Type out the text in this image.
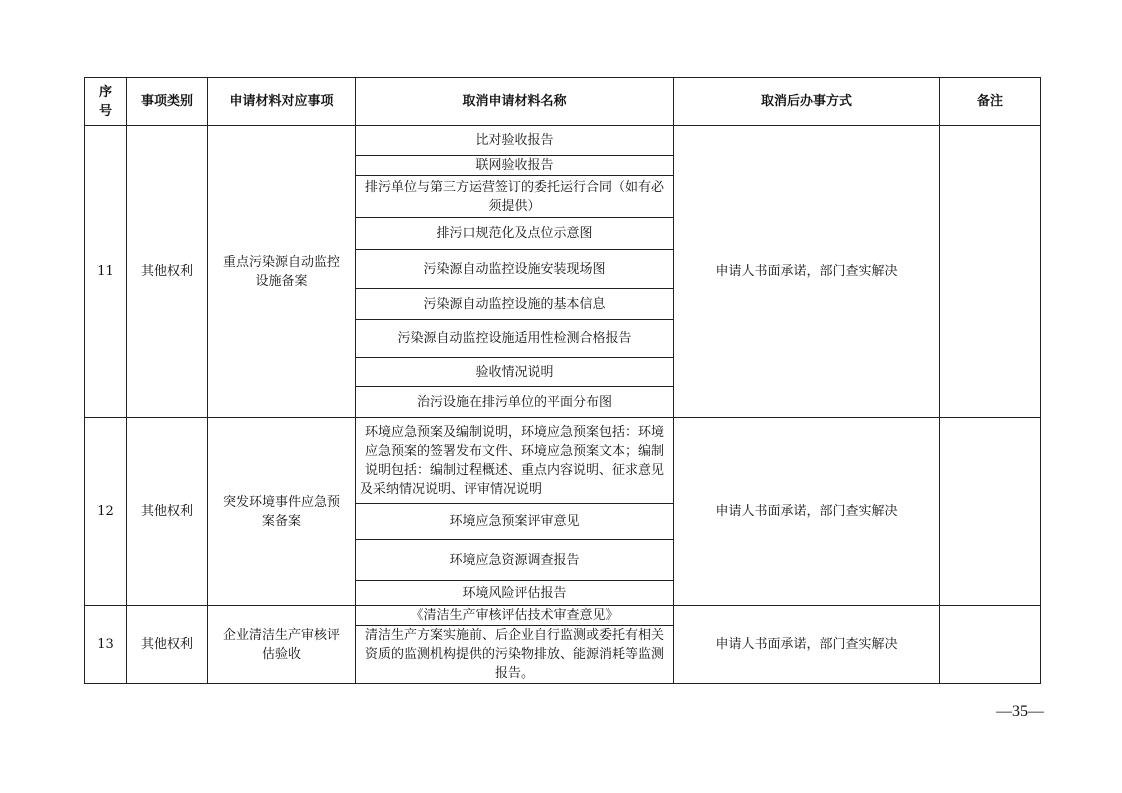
序号	事项类别	申请材料对应事项	取消申请材料名称	取消后办事方式	备注
11	其他权利	重点污染源自动监控设施备案	比对验收报告	申请人书面承诺，部门查实解决	
			联网验收报告		
			排污单位与第三方运营签订的委托运行合同（如有必须提供）		
			排污口规范化及点位示意图		
			污染源自动监控设施安装现场图		
			污染源自动监控设施的基本信息		
			污染源自动监控设施适用性检测合格报告		
			验收情况说明		
			治污设施在排污单位的平面分布图		
12	其他权利	突发环境事件应急预案备案	环境应急预案及编制说明，环境应急预案包括：环境应急预案的签署发布文件、环境应急预案文本；编制说明包括：编制过程概述、重点内容说明、征求意见及采纳情况说明、评审情况说明	申请人书面承诺，部门查实解决	
			环境应急预案评审意见		
			环境应急资源调查报告		
			环境风险评估报告		
13	其他权利	企业清洁生产审核评估验收	《清洁生产审核评估技术审查意见》	申请人书面承诺，部门查实解决	
			清洁生产方案实施前、后企业自行监测或委托有相关资质的监测机构提供的污染物排放、能源消耗等监测报告。		
—35—
